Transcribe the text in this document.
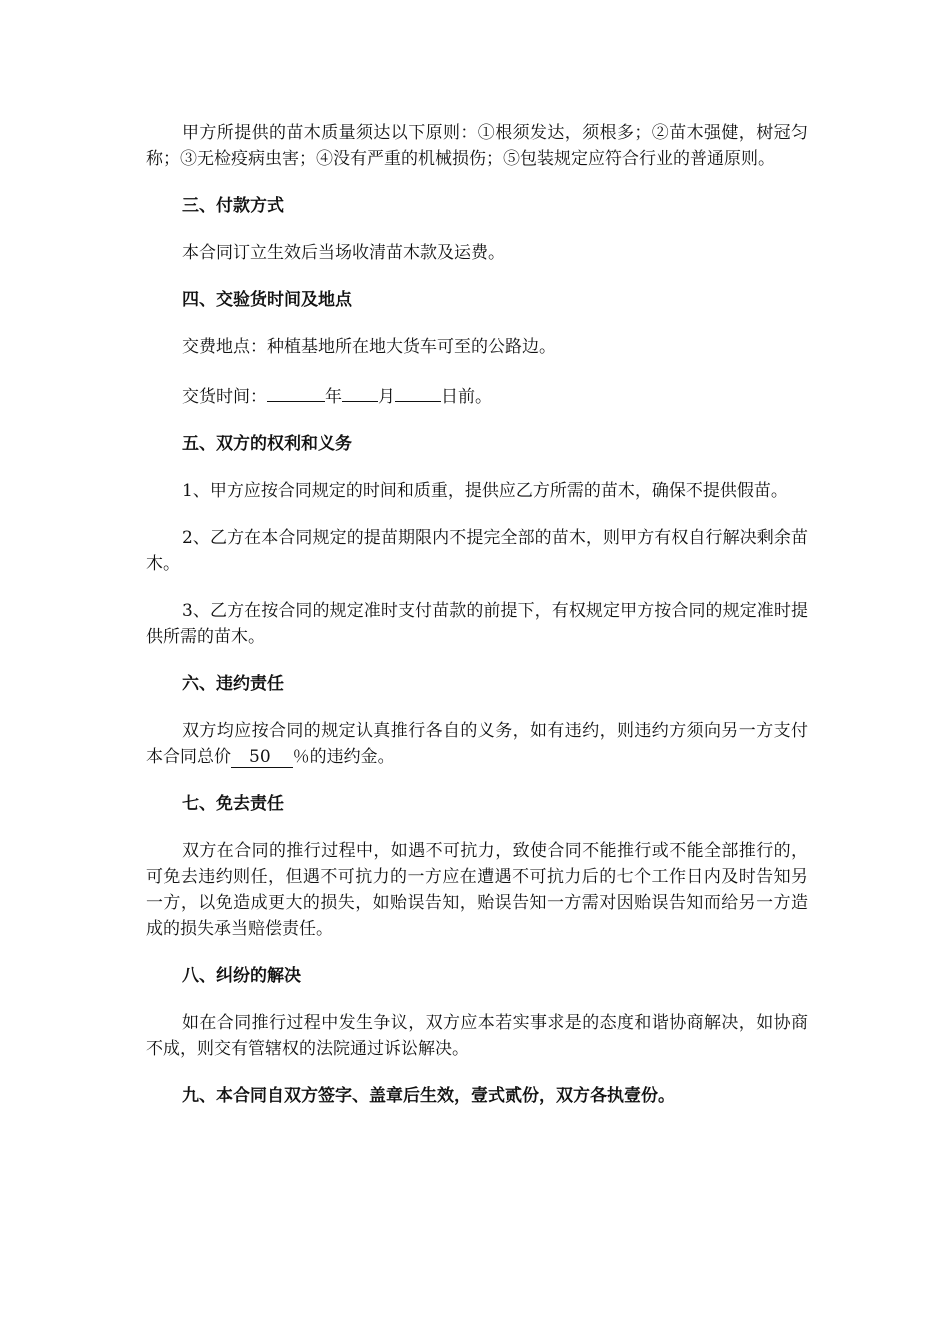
甲方所提供的苗木质量须达以下原则：①根须发达，须根多；②苗木强健，树冠匀称；③无检疫病虫害；④没有严重的机械损伤；⑤包装规定应符合行业的普通原则。

三、付款方式

本合同订立生效后当场收清苗木款及运费。

四、交验货时间及地点

交费地点：种植基地所在地大货车可至的公路边。

交货时间：	年 月	日前。

五、双方的权利和义务

1、甲方应按合同规定的时间和质重，提供应乙方所需的苗木，确保不提供假苗。

2、乙方在本合同规定的提苗期限内不提完全部的苗木，则甲方有权自行解决剩余苗木。

3、乙方在按合同的规定准时支付苗款的前提下，有权规定甲方按合同的规定准时提供所需的苗木。

六、违约责任

双方均应按合同的规定认真推行各自的义务，如有违约，则违约方须向另一方支付本合同总价 50 ％的违约金。

七、免去责任

双方在合同的推行过程中，如遇不可抗力，致使合同不能推行或不能全部推行的，可免去违约则任，但遇不可抗力的一方应在遭遇不可抗力后的七个工作日内及时告知另一方，以免造成更大的损失，如贻误告知，贻误告知一方需对因贻误告知而给另一方造成的损失承当赔偿责任。

八、纠纷的解决

如在合同推行过程中发生争议，双方应本若实事求是的态度和谐协商解决，如协商不成，则交有管辖权的法院通过诉讼解决。

九、本合同自双方签字、盖章后生效，壹式贰份，双方各执壹份。
